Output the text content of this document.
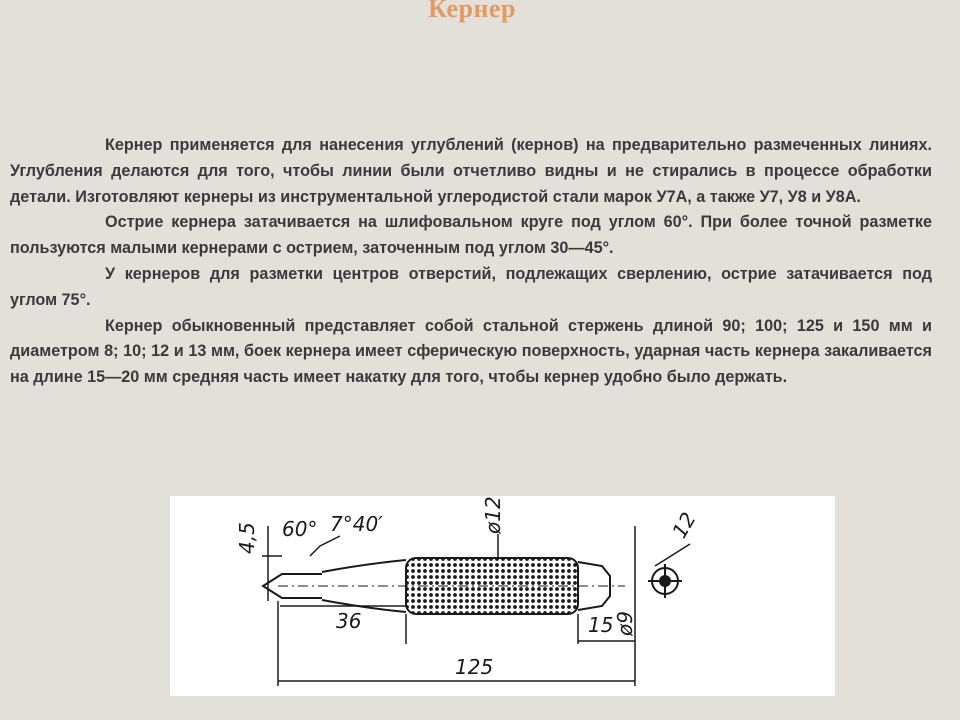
Кернер

Кернер применяется для нанесения углублений (кернов) на предварительно размеченных линиях. Углубления делаются для того, чтобы линии были отчетливо видны и не стирались в процессе обработки детали. Изготовляют кернеры из инструментальной углеродистой стали марок У7А, а также У7, У8 и У8А.

Острие кернера затачивается на шлифовальном круге под углом 60°. При более точной разметке пользуются малыми кернерами с острием, заточенным под углом 30—45°.

У кернеров для разметки центров отверстий, подлежащих сверлению, острие затачивается под углом 75°.

Кернер обыкновенный представляет собой стальной стержень длиной 90; 100; 125 и 150 мм и диаметром 8; 10; 12 и 13 мм, боек кернера имеет сферическую поверхность, ударная часть кернера закаливается на длине 15—20 мм средняя часть имеет накатку для того, чтобы кернер удобно было держать.

4,5 60° 7°40′	ø12	12
36	15 ø9
125
